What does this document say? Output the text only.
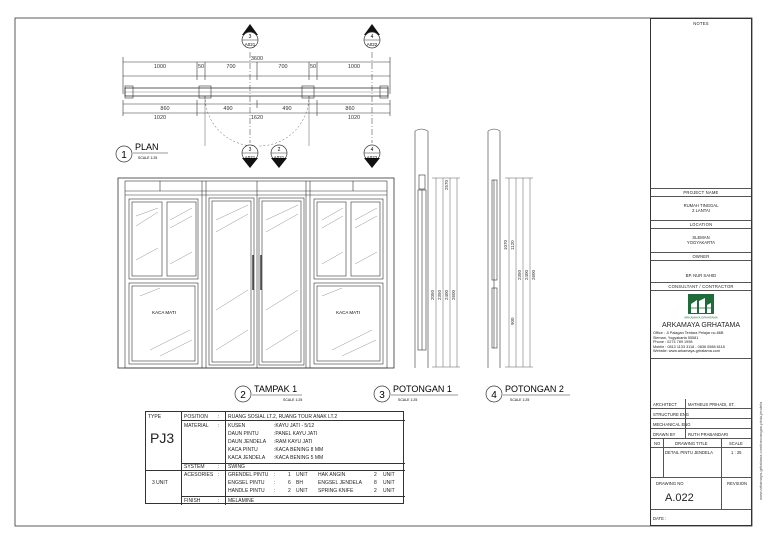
1000	50	700	700	50	1000
3600
860	490	490	860
1020	1620	1020
3
A021
4
A022
3
A021
2
A021
4
A022
1
PLAN
SCALE 1:25
KACA MATI	KACA MATI
2050 2350 2400 2600
2570
1070 1120
2350 2400 2600
900
2
TAMPAK 1
SCALE 1:25	3
POTONGAN 1
SCALE 1:25	4
POTONGAN 2
SCALE 1:25
www.arkamaya-grhatama.com/rancangan-pintu-jendela
TYPE
PJ3
POSITION : RUANG SOSIAL LT.2, RUANG TOUR ANAK LT.2
MATERIAL : KUSEN	:KAYU JATI - 5/12
DAUN PINTU	:PANEL KAYU JATI
DAUN JENDELA :RAM KAYU JATI
KACA PINTU	:KACA BENING 8 MM
KACA JENDELA :KACA BENING 5 MM
SYSTEM	: SWING
3 UNIT
ACESORIES : GRENDEL PINTU :	1 UNIT HAK ANGIN	2 UNIT
ENGSEL PINTU :	6 BH	ENGSEL JENDELA 8 UNIT
HANDLE PINTU :	2 UNIT SPRING KNIFE	2 UNIT
FINISH	: MELAMINE
NOTES
PROJECT NAME
RUMAH TINGGAL
2 LANTAI
LOCATION
SLEMAN
YOGYAKARTA
OWNER
BP. NUR SAHID
CONSULTANT / CONTRACTOR
ARKAMAYA GRHATAMA
ARKAMAYA GRHATAMA
Office : Jl Palagan Tentara Pelajar no.86B
Sleman, Yogyakarta 55581
Phone : 0274 789 1998
Mobile : 0813 1133 3118 - 0836 0588 8118
Website: www.arkamaya-grhatama.com
ARCHITECT	MATHEUS PRIHADI, ST.
STRUCTURE ENG
MECHANICAL ENG
DRAWN BY	RUTH PRABANDARI
NO	DRAWING TITLE	SCALE
DETAIL PINTU JENDELA	1 : 25
DRAWING NO	REVISION
A.022
DATE :
